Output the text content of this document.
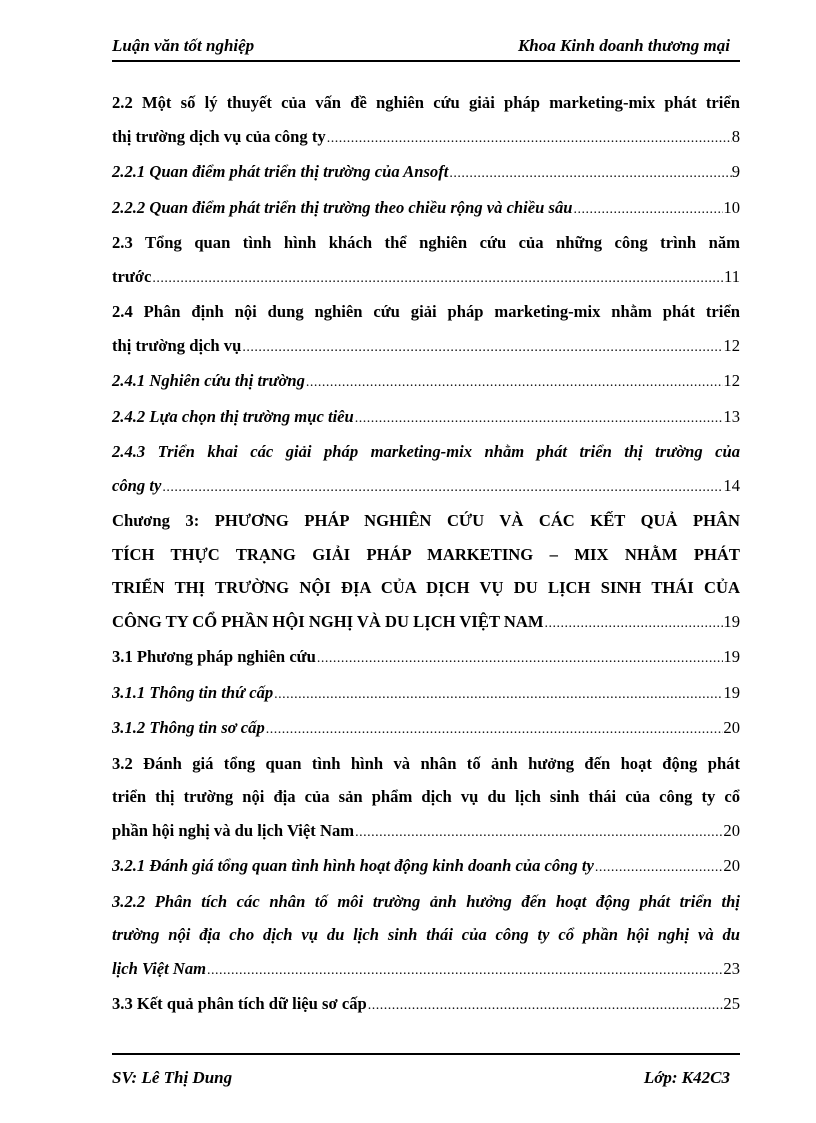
Luận văn tốt nghiệp	Khoa Kinh doanh thương mại
2.2 Một số lý thuyết của vấn đề nghiên cứu giải pháp marketing-mix phát triển
thị trường dịch vụ của công ty .....	8
2.2.1 Quan điểm phát triển thị trường của Ansoft .....	9
2.2.2 Quan điểm phát triển thị trường theo chiều rộng và chiều sâu .....	10
2.3 Tổng quan tình hình khách thể nghiên cứu của những công trình năm
trước .....	11
2.4 Phân định nội dung nghiên cứu giải pháp marketing-mix nhằm phát triển
thị trường dịch vụ .....	12
2.4.1 Nghiên cứu thị trường .....	12
2.4.2 Lựa chọn thị trường mục tiêu .....	13
2.4.3 Triển khai các giải pháp marketing-mix nhằm phát triển thị trường của
công ty .....	14
Chương 3: PHƯƠNG PHÁP NGHIÊN CỨU VÀ CÁC KẾT QUẢ PHÂN
TÍCH THỰC TRẠNG GIẢI PHÁP MARKETING – MIX NHẰM PHÁT
TRIỂN THỊ TRƯỜNG NỘI ĐỊA CỦA DỊCH VỤ DU LỊCH SINH THÁI CỦA
CÔNG TY CỔ PHẦN HỘI NGHỊ VÀ DU LỊCH VIỆT NAM .....	19
3.1 Phương pháp nghiên cứu .....	19
3.1.1 Thông tin thứ cấp .....	19
3.1.2 Thông tin sơ cấp .....	20
3.2 Đánh giá tổng quan tình hình và nhân tố ảnh hưởng đến hoạt động phát
triển thị trường nội địa của sản phẩm dịch vụ du lịch sinh thái của công ty cổ
phần hội nghị và du lịch Việt Nam .....	20
3.2.1 Đánh giá tổng quan tình hình hoạt động kinh doanh của công ty .....	20
3.2.2 Phân tích các nhân tố môi trường ảnh hưởng đến hoạt động phát triển thị
trường nội địa cho dịch vụ du lịch sinh thái của công ty cổ phần hội nghị và du
lịch Việt Nam .....	23
3.3 Kết quả phân tích dữ liệu sơ cấp .....	25
SV: Lê Thị Dung	Lớp: K42C3
